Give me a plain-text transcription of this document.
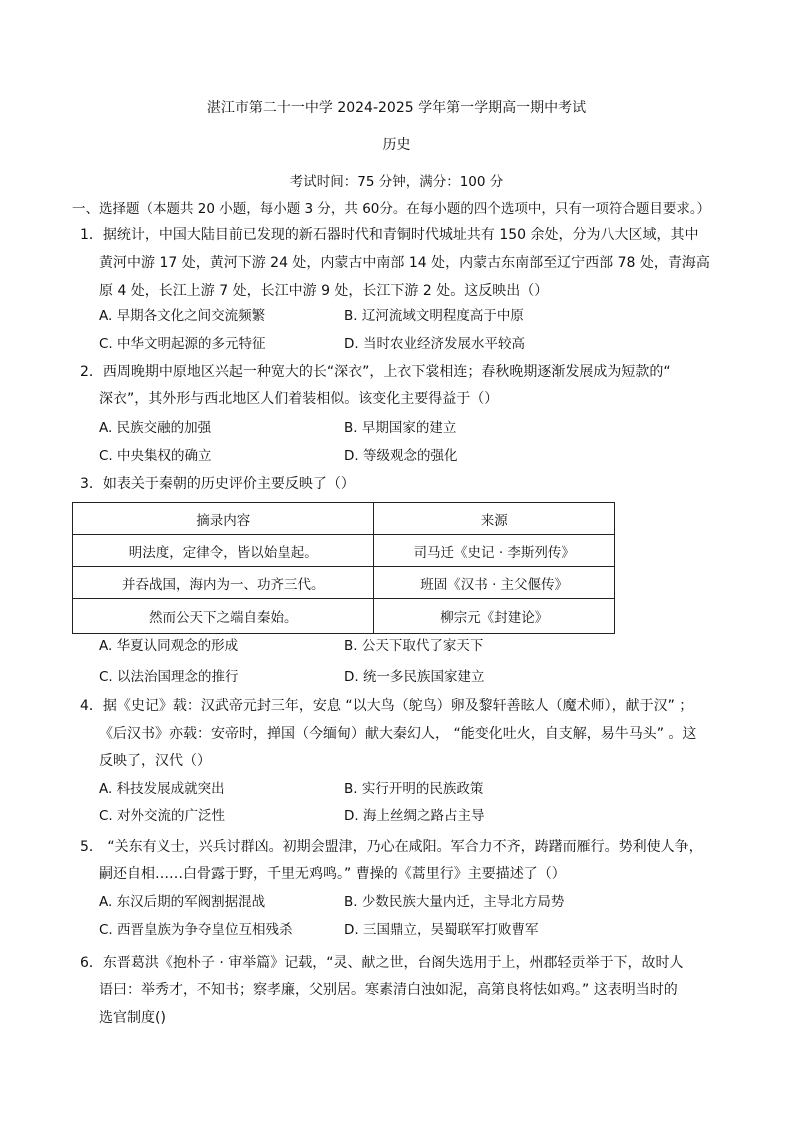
湛江市第二十一中学 2024-2025 学年第一学期高一期中考试
历史
考试时间：75 分钟，满分：100 分
一、选择题（本题共 20 小题，每小题 3 分，共 60分。在每小题的四个选项中，只有一项符合题目要求。）
1．据统计，中国大陆目前已发现的新石器时代和青铜时代城址共有 150 余处，分为八大区域，其中
黄河中游 17 处，黄河下游 24 处，内蒙古中南部 14 处，内蒙古东南部至辽宁西部 78 处，青海高
原 4 处，长江上游 7 处，长江中游 9 处，长江下游 2 处。这反映出（）
A. 早期各文化之间交流频繁	B. 辽河流域文明程度高于中原
C. 中华文明起源的多元特征	D. 当时农业经济发展水平较高
2．西周晚期中原地区兴起一种宽大的长“深衣”，上衣下裳相连；春秋晚期逐渐发展成为短款的“
深衣”，其外形与西北地区人们着装相似。该变化主要得益于（）
A. 民族交融的加强	B. 早期国家的建立
C. 中央集权的确立	D. 等级观念的强化
3．如表关于秦朝的历史评价主要反映了（）
摘录内容	来源
明法度，定律令，皆以始皇起。	司马迁《史记 · 李斯列传》
并吞战国，海内为一、功齐三代。	班固《汉书 · 主父偃传》
然而公天下之端自秦始。	柳宗元《封建论》
A. 华夏认同观念的形成	B. 公天下取代了家天下
C. 以法治国理念的推行	D. 统一多民族国家建立
4．据《史记》载：汉武帝元封三年，安息 “以大鸟（鸵鸟）卵及黎轩善眩人（魔术师），献于汉” ；
《后汉书》亦载：安帝时，掸国（今缅甸）献大秦幻人， “能变化吐火，自支解，易牛马头” 。这
反映了，汉代（）
A. 科技发展成就突出	B. 实行开明的民族政策
C. 对外交流的广泛性	D. 海上丝绸之路占主导
5． “关东有义士，兴兵讨群凶。初期会盟津，乃心在咸阳。军合力不齐，踌躇而雁行。势利使人争，
嗣还自相……白骨露于野，千里无鸡鸣。” 曹操的《蒿里行》主要描述了（）
A. 东汉后期的军阀割据混战	B. 少数民族大量内迁，主导北方局势
C. 西晋皇族为争夺皇位互相残杀	D. 三国鼎立，吴蜀联军打败曹军
6．东晋葛洪《抱朴子 · 审举篇》记载，“灵、献之世，台阁失选用于上，州郡轻贡举于下，故时人
语曰：举秀才，不知书；察孝廉，父别居。寒素清白浊如泥，高第良将怯如鸡。” 这表明当时的
选官制度()
